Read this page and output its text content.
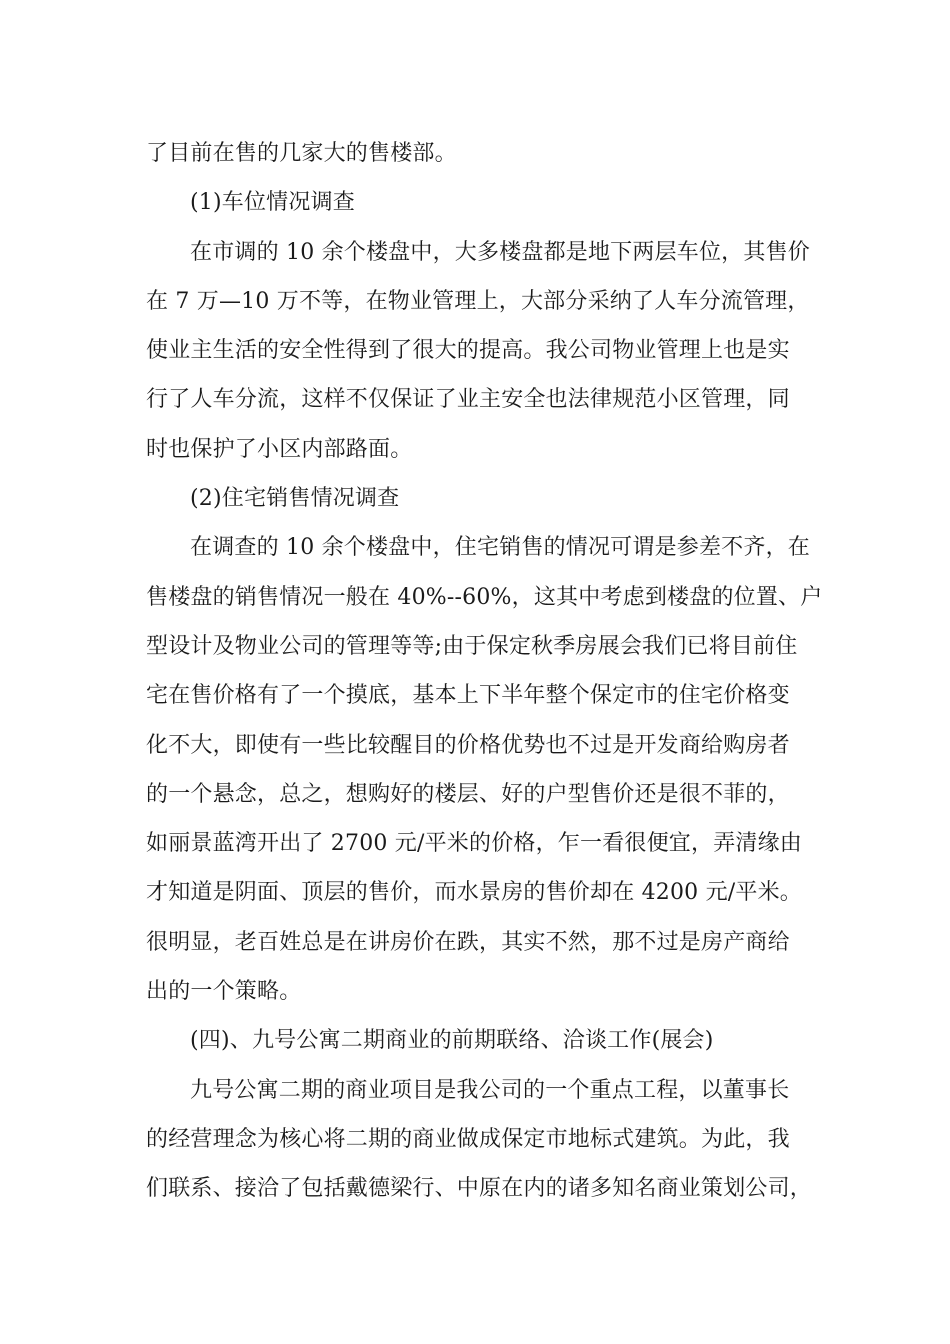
了目前在售的几家大的售楼部。
(1)车位情况调查
在市调的 10 余个楼盘中，大多楼盘都是地下两层车位，其售价
在 7 万—10 万不等，在物业管理上，大部分采纳了人车分流管理，
使业主生活的安全性得到了很大的提高。我公司物业管理上也是实
行了人车分流，这样不仅保证了业主安全也法律规范小区管理，同
时也保护了小区内部路面。
(2)住宅销售情况调查
在调查的 10 余个楼盘中，住宅销售的情况可谓是参差不齐，在
售楼盘的销售情况一般在 40%--60%，这其中考虑到楼盘的位置、户
型设计及物业公司的管理等等;由于保定秋季房展会我们已将目前住
宅在售价格有了一个摸底，基本上下半年整个保定市的住宅价格变
化不大，即使有一些比较醒目的价格优势也不过是开发商给购房者
的一个悬念，总之，想购好的楼层、好的户型售价还是很不菲的，
如丽景蓝湾开出了 2700 元/平米的价格，乍一看很便宜，弄清缘由
才知道是阴面、顶层的售价，而水景房的售价却在 4200 元/平米。
很明显，老百姓总是在讲房价在跌，其实不然，那不过是房产商给
出的一个策略。
(四)、九号公寓二期商业的前期联络、洽谈工作(展会)
九号公寓二期的商业项目是我公司的一个重点工程，以董事长
的经营理念为核心将二期的商业做成保定市地标式建筑。为此，我
们联系、接洽了包括戴德梁行、中原在内的诸多知名商业策划公司，
